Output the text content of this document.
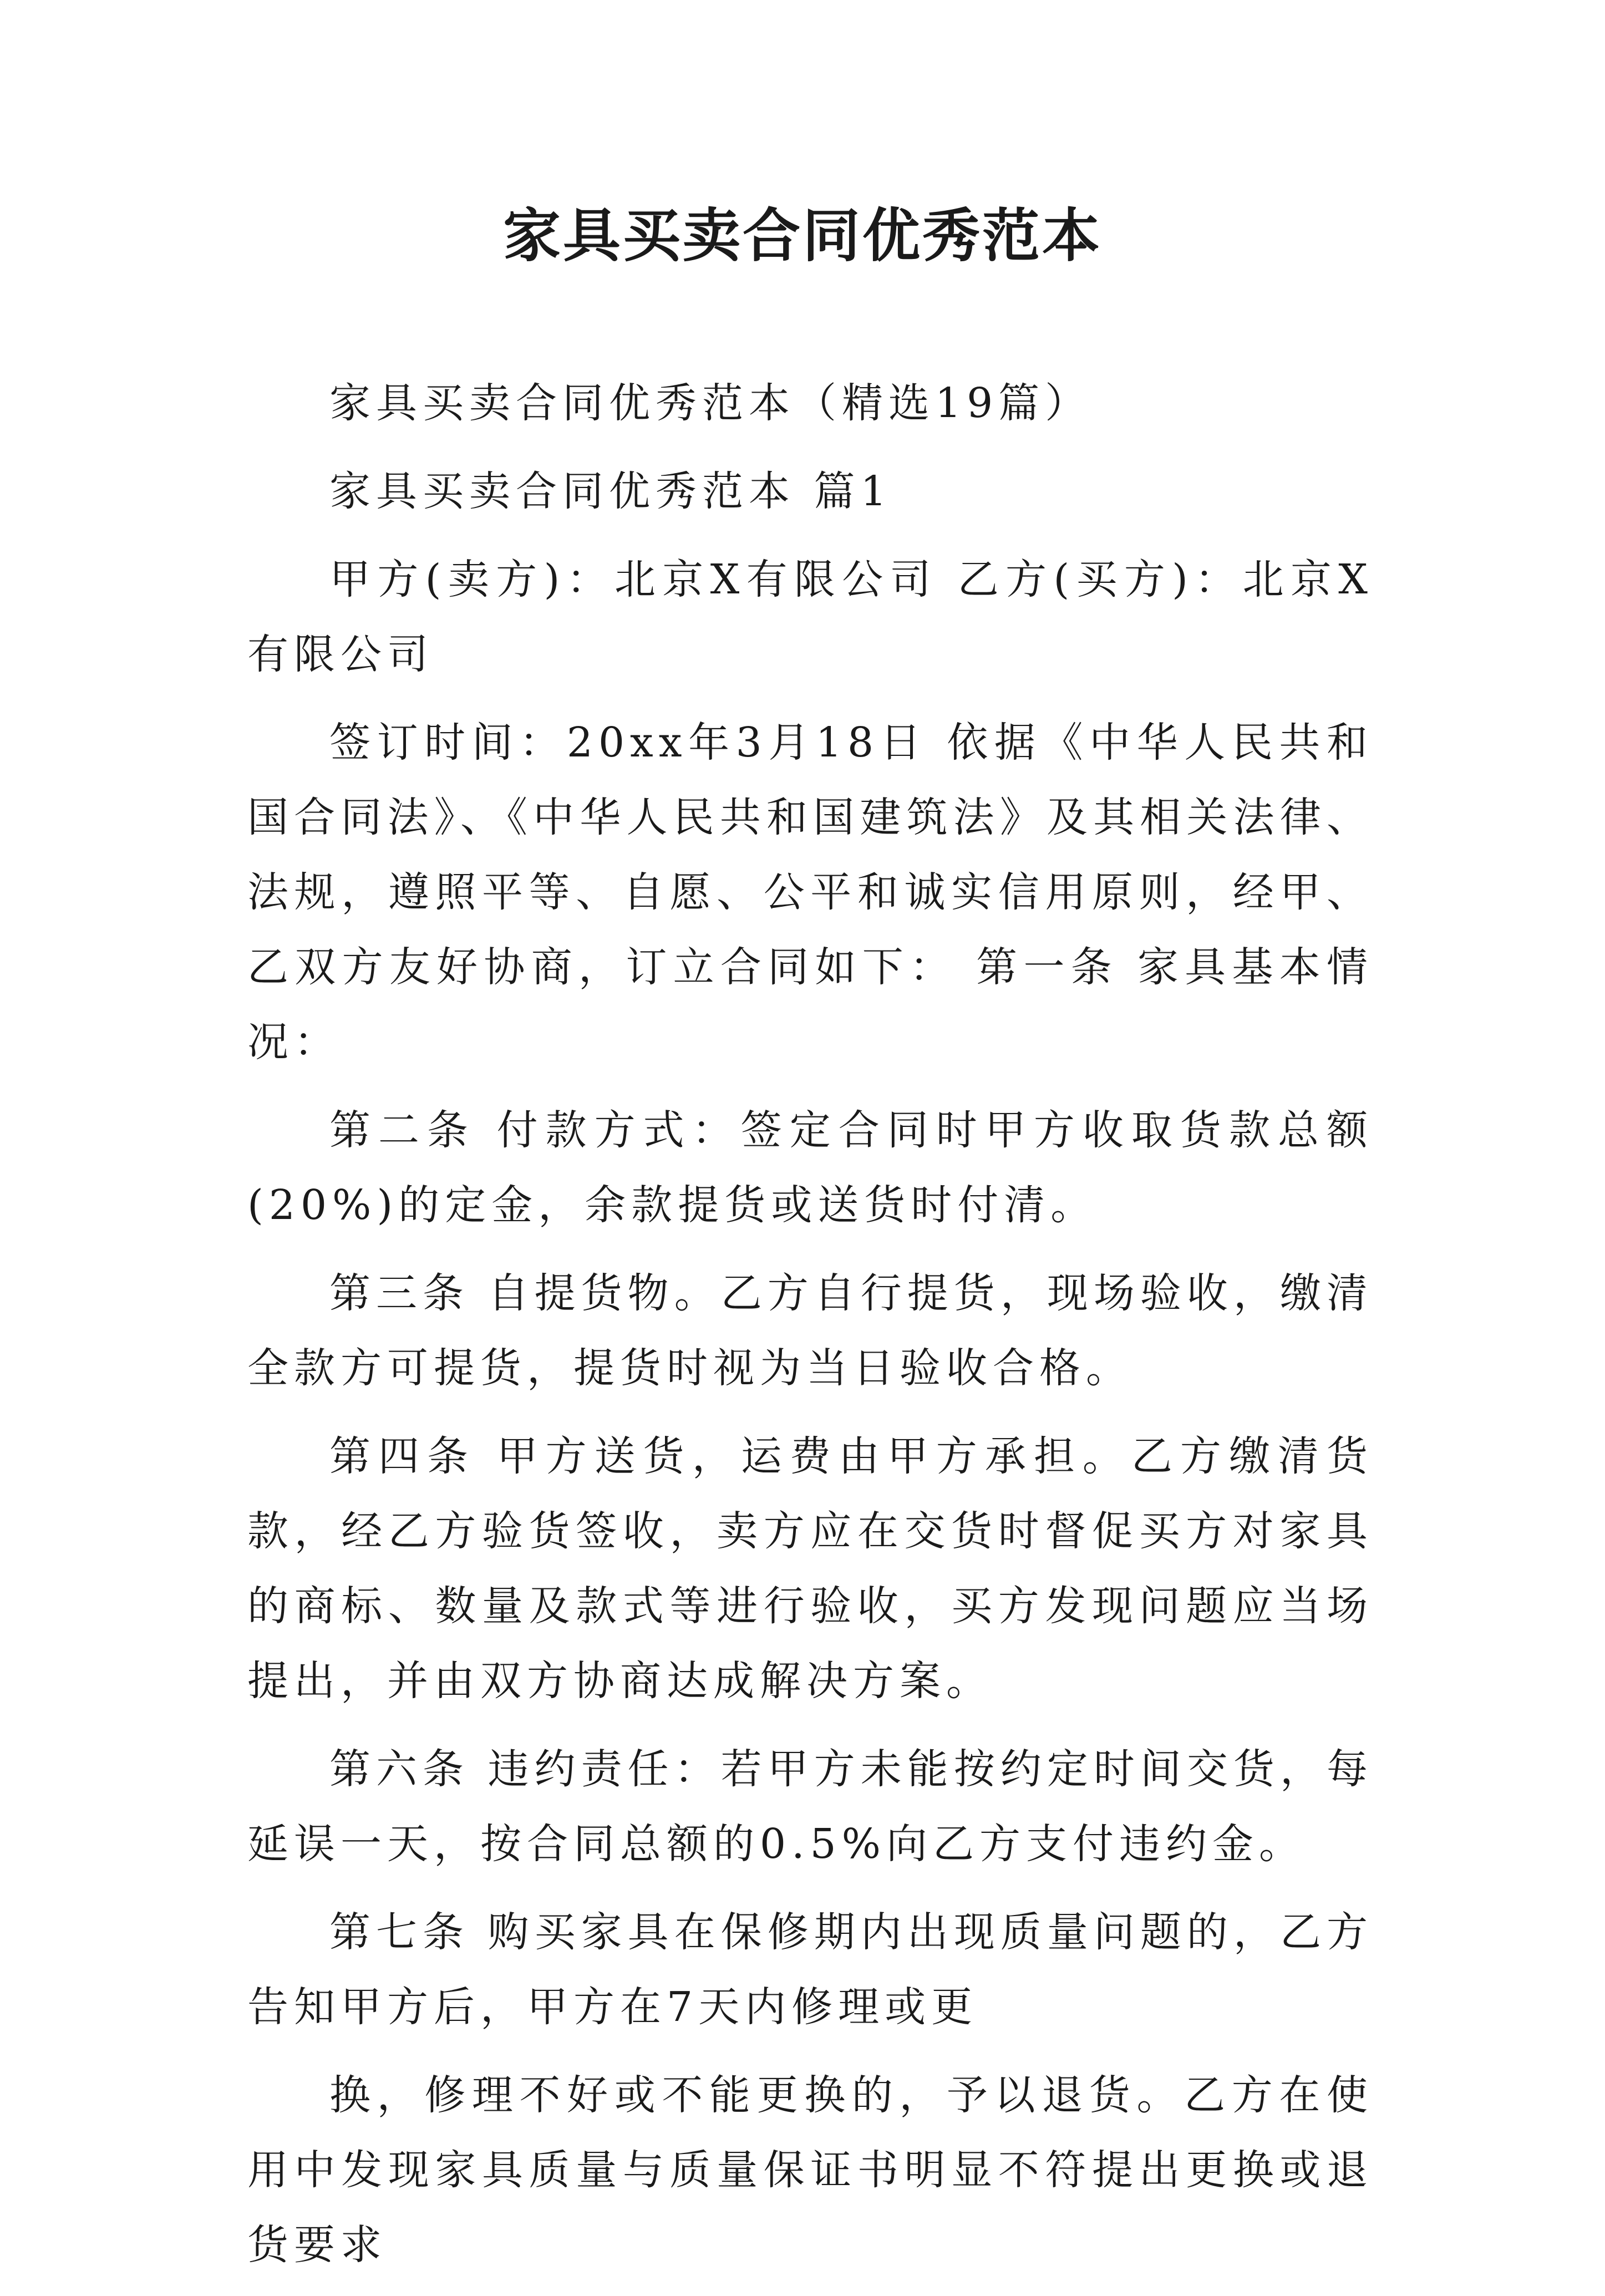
家具买卖合同优秀范本

家具买卖合同优秀范本（精选19篇）

家具买卖合同优秀范本 篇1

甲方(卖方)：北京X有限公司 乙方(买方)：北京X有限公司

签订时间：20xx年3月18日 依据《中华人民共和国合同法》、《中华人民共和国建筑法》及其相关法律、法规，遵照平等、自愿、公平和诚实信用原则，经甲、乙双方友好协商，订立合同如下： 第一条 家具基本情况：

第二条 付款方式：签定合同时甲方收取货款总额(20%)的定金，余款提货或送货时付清。

第三条 自提货物。乙方自行提货，现场验收，缴清全款方可提货，提货时视为当日验收合格。

第四条 甲方送货，运费由甲方承担。乙方缴清货款，经乙方验货签收，卖方应在交货时督促买方对家具的商标、数量及款式等进行验收，买方发现问题应当场提出，并由双方协商达成解决方案。

第六条 违约责任：若甲方未能按约定时间交货，每延误一天，按合同总额的0.5%向乙方支付违约金。

第七条 购买家具在保修期内出现质量问题的，乙方告知甲方后，甲方在7天内修理或更

换，修理不好或不能更换的，予以退货。乙方在使用中发现家具质量与质量保证书明显不符提出更换或退货要求
